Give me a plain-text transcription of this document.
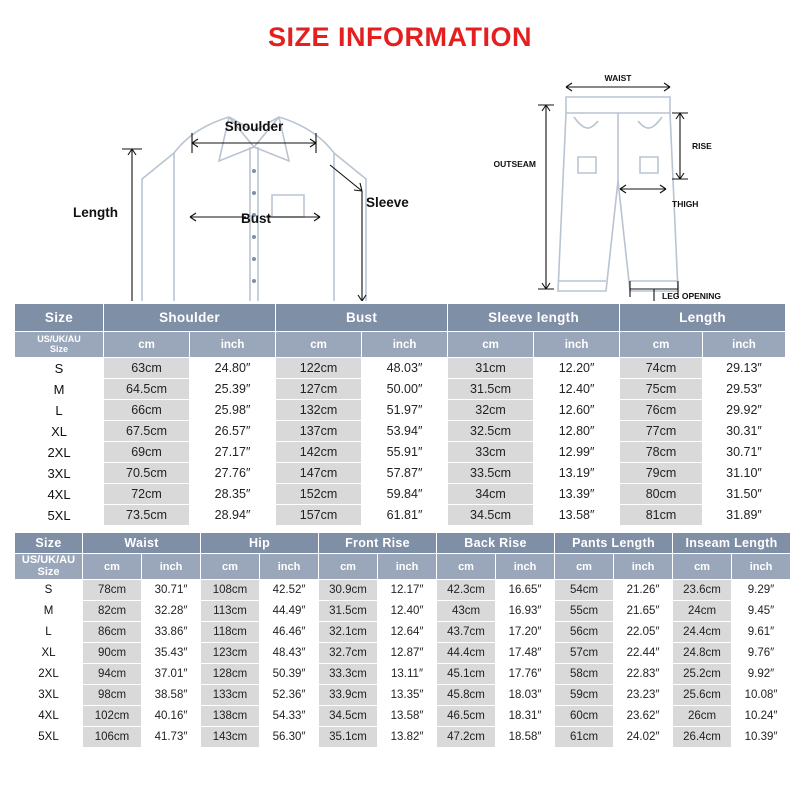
SIZE INFORMATION
Shoulder
Bust
Sleeve
Length
WAIST
RISE
OUTSEAM
THIGH
LEG OPENING
Size	Shoulder		Bust		Sleeve length		Length	

US/UK/AU
Size	cm	inch	cm	inch	cm	inch	cm	inch
S	63cm	24.80″	122cm	48.03″	31cm	12.20″	74cm	29.13″
M	64.5cm	25.39″	127cm	50.00″	31.5cm	12.40″	75cm	29.53″
L	66cm	25.98″	132cm	51.97″	32cm	12.60″	76cm	29.92″
XL	67.5cm	26.57″	137cm	53.94″	32.5cm	12.80″	77cm	30.31″
2XL	69cm	27.17″	142cm	55.91″	33cm	12.99″	78cm	30.71″
3XL	70.5cm	27.76″	147cm	57.87″	33.5cm	13.19″	79cm	31.10″
4XL	72cm	28.35″	152cm	59.84″	34cm	13.39″	80cm	31.50″
5XL	73.5cm	28.94″	157cm	61.81″	34.5cm	13.58″	81cm	31.89″
Size	Waist		Hip		Front Rise		Back Rise		Pants Length		Inseam Length	

US/UK/AU
Size	cm	inch	cm	inch	cm	inch	cm	inch	cm	inch	cm	inch
S	78cm	30.71″	108cm	42.52″	30.9cm	12.17″	42.3cm	16.65″	54cm	21.26″	23.6cm	9.29″
M	82cm	32.28″	113cm	44.49″	31.5cm	12.40″	43cm	16.93″	55cm	21.65″	24cm	9.45″
L	86cm	33.86″	118cm	46.46″	32.1cm	12.64″	43.7cm	17.20″	56cm	22.05″	24.4cm	9.61″
XL	90cm	35.43″	123cm	48.43″	32.7cm	12.87″	44.4cm	17.48″	57cm	22.44″	24.8cm	9.76″
2XL	94cm	37.01″	128cm	50.39″	33.3cm	13.11″	45.1cm	17.76″	58cm	22.83″	25.2cm	9.92″
3XL	98cm	38.58″	133cm	52.36″	33.9cm	13.35″	45.8cm	18.03″	59cm	23.23″	25.6cm	10.08″
4XL	102cm	40.16″	138cm	54.33″	34.5cm	13.58″	46.5cm	18.31″	60cm	23.62″	26cm	10.24″
5XL	106cm	41.73″	143cm	56.30″	35.1cm	13.82″	47.2cm	18.58″	61cm	24.02″	26.4cm	10.39″
